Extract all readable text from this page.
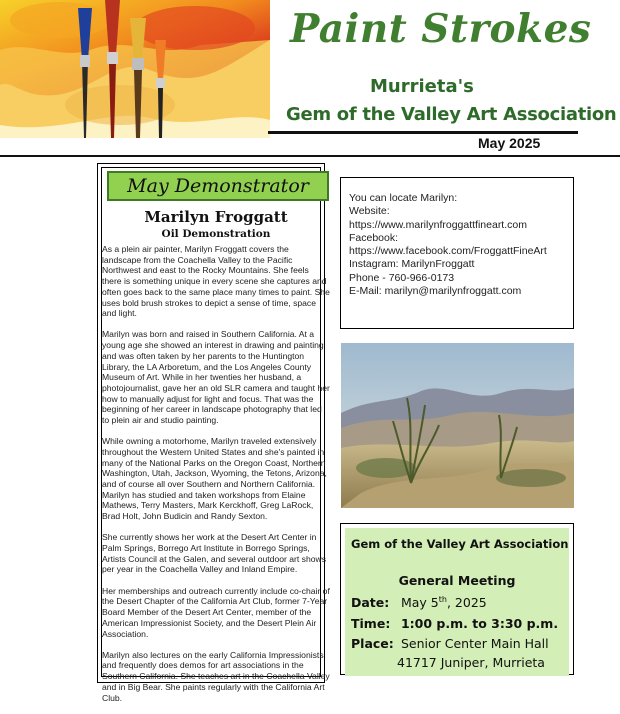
Paint Strokes
Murrieta's
Gem of the Valley Art Association
May 2025
May Demonstrator
Marilyn Froggatt
Oil Demonstration

As a plein air painter, Marilyn Froggatt covers the landscape from the Coachella Valley to the Pacific Northwest and east to the Rocky Mountains. She feels there is something unique in every scene she captures and often goes back to the same place many times to paint. She uses bold brush strokes to depict a sense of time, space and light.

Marilyn was born and raised in Southern California. At a young age she showed an interest in drawing and painting and was often taken by her parents to the Huntington Library, the LA Arboretum, and the Los Angeles County Museum of Art. While in her twenties her husband, a photojournalist, gave her an old SLR camera and taught her how to manually adjust for light and focus. That was the beginning of her career in landscape photography that led to plein air and studio painting.

While owning a motorhome, Marilyn traveled extensively throughout the Western United States and she's painted in many of the National Parks on the Oregon Coast, Northern Washington, Utah, Jackson, Wyoming, the Tetons, Arizona, and of course all over Southern and Northern California. Marilyn has studied and taken workshops from Elaine Mathews, Terry Masters, Mark Kerckhoff, Greg LaRock, Brad Holt, John Budicin and Randy Sexton.

She currently shows her work at the Desert Art Center in Palm Springs, Borrego Art Institute in Borrego Springs, Artists Council at the Galen, and several outdoor art shows per year in the Coachella Valley and Inland Empire.

Her memberships and outreach currently include co-chair of the Desert Chapter of the California Art Club, former 7-Year Board Member of the Desert Art Center, member of the American Impressionist Society, and the Desert Plein Air Association.

Marilyn also lectures on the early California Impressionists and frequently does demos for art associations in the Southern California. She teaches art in the Coachella Valley and in Big Bear. She paints regularly with the California Art Club.

You can locate Marilyn:
Website:
https://www.marilynfroggattfineart.com
Facebook:
https://www.facebook.com/FroggattFineArt
Instagram: MarilynFroggatt
Phone - 760-966-0173
E-Mail: marilyn@marilynfroggatt.com
Gem of the Valley Art Association
General Meeting
Date: May 5th, 2025
Time: 1:00 p.m. to 3:30 p.m.
Place: Senior Center Main Hall
41717 Juniper, Murrieta
